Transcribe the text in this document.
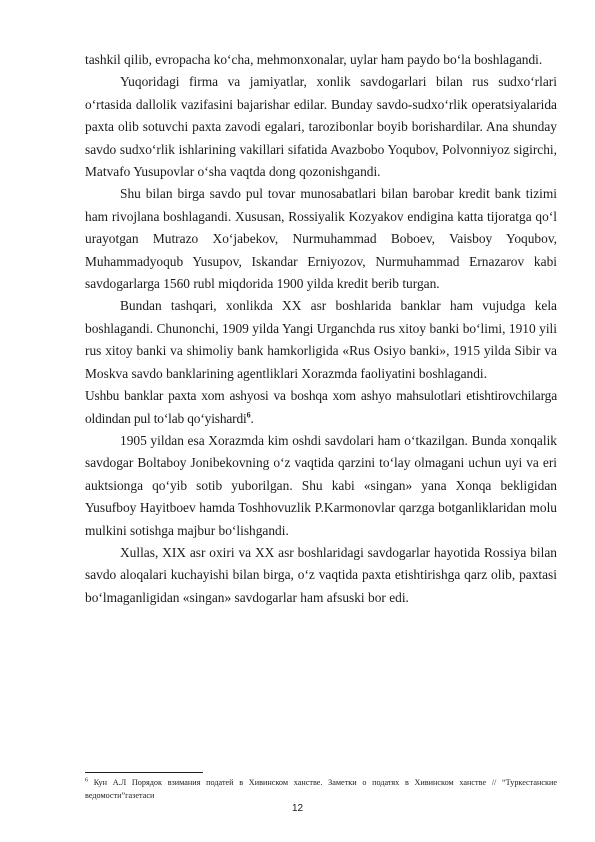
tashkil qilib, evropacha ko‘cha, mehmonxonalar, uylar ham paydo bo‘la boshlagandi.

Yuqoridagi firma va jamiyatlar, xonlik savdogarlari bilan rus sudxo‘rlari o‘rtasida dallolik vazifasini bajarishar edilar. Bunday savdo-sudxo‘rlik operatsiyalarida paxta olib sotuvchi paxta zavodi egalari, tarozibonlar boyib borishardilar. Ana shunday savdo sudxo‘rlik ishlarining vakillari sifatida Avazbobo Yoqubov, Polvonniyoz sigirchi, Matvafo Yusupovlar o‘sha vaqtda dong qozonishgandi.

Shu bilan birga savdo pul tovar munosabatlari bilan barobar kredit bank tizimi ham rivojlana boshlagandi. Xususan, Rossiyalik Kozyakov endigina katta tijoratga qo‘l urayotgan Mutrazo Xo‘jabekov, Nurmuhammad Boboev, Vaisboy Yoqubov, Muhammadyoqub Yusupov, Iskandar Erniyozov, Nurmuhammad Ernazarov kabi savdogarlarga 1560 rubl miqdorida 1900 yilda kredit berib turgan.

Bundan tashqari, xonlikda XX asr boshlarida banklar ham vujudga kela boshlagandi. Chunonchi, 1909 yilda Yangi Urganchda rus xitoy banki bo‘limi, 1910 yili rus xitoy banki va shimoliy bank hamkorligida «Rus Osiyo banki», 1915 yilda Sibir va Moskva savdo banklarining agentliklari Xorazmda faoliyatini boshlagandi.

Ushbu banklar paxta xom ashyosi va boshqa xom ashyo mahsulotlari etishtirovchilarga oldindan pul to‘lab qo‘yishardi$^6$.

1905 yildan esa Xorazmda kim oshdi savdolari ham o‘tkazilgan. Bunda xonqalik savdogar Boltaboy Jonibekovning o‘z vaqtida qarzini to‘lay olmagani uchun uyi va eri auktsionga qo‘yib sotib yuborilgan. Shu kabi «singan» yana Xonqa bekligidan Yusufboy Hayitboev hamda Toshhovuzlik P.Karmonovlar qarzga botganliklaridan molu mulkini sotishga majbur bo‘lishgandi.

Xullas, XIX asr oxiri va XX asr boshlaridagi savdogarlar hayotida Rossiya bilan savdo aloqalari kuchayishi bilan birga, o‘z vaqtida paxta etishtirishga qarz olib, paxtasi bo‘lmaganligidan «singan» savdogarlar ham afsuski bor edi.

$^6$ Кун А.Л Порядок взимания податей в Хивинском ханстве. Заметки о податях в Хивинском ханстве // “Туркестанские ведомости”газетаси

12
